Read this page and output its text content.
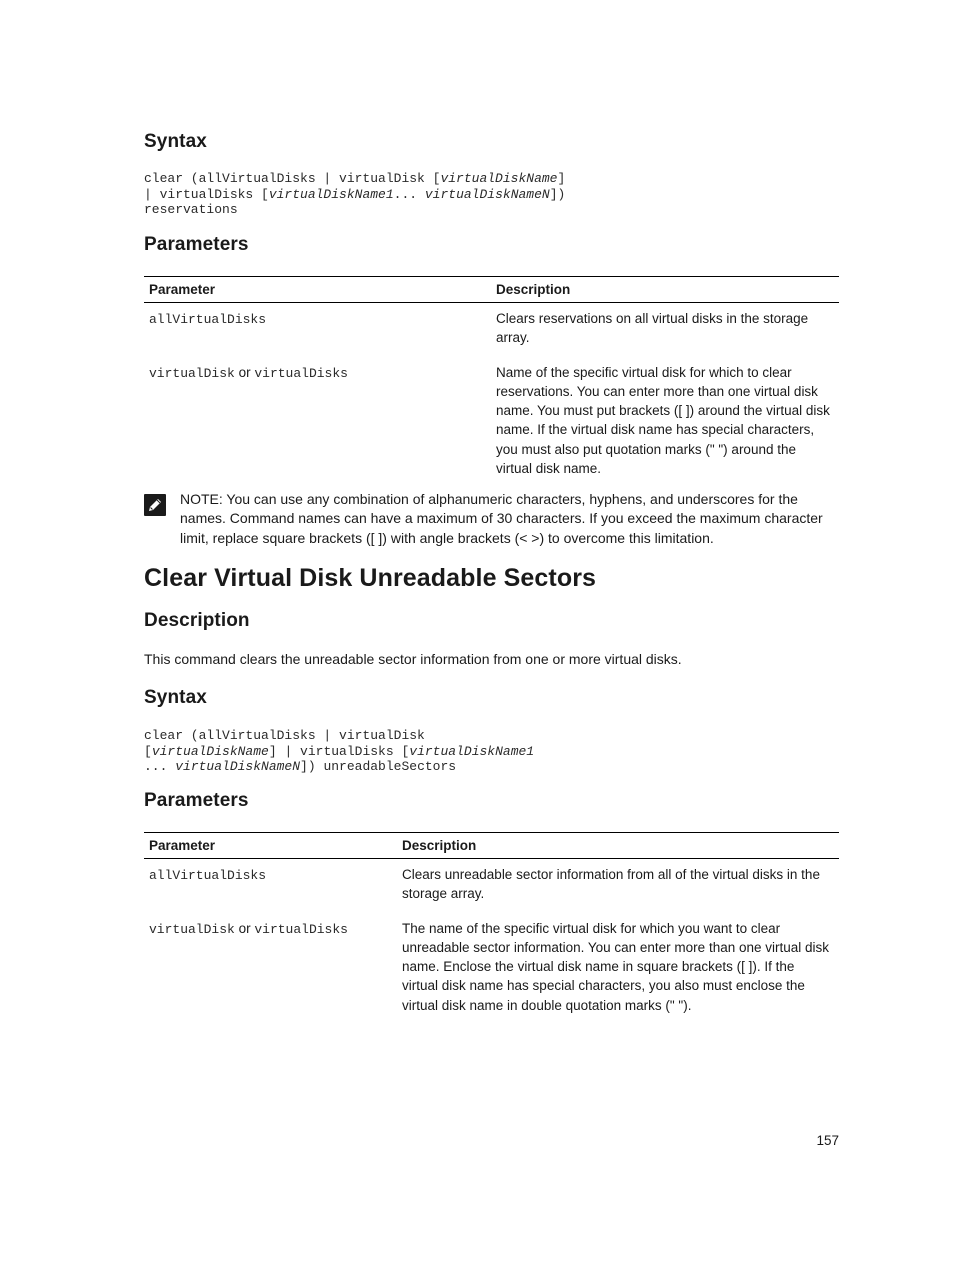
Syntax
clear (allVirtualDisks | virtualDisk [virtualDiskName]
| virtualDisks [virtualDiskName1... virtualDiskNameN])
reservations
Parameters
Parameter	Description
allVirtualDisks	Clears reservations on all virtual disks in the storage array.
virtualDisk or virtualDisks	Name of the specific virtual disk for which to clear reservations. You can enter more than one virtual disk name. You must put brackets ([ ]) around the virtual disk name. If the virtual disk name has special characters, you must also put quotation marks (" ") around the virtual disk name.

NOTE: You can use any combination of alphanumeric characters, hyphens, and underscores for the names. Command names can have a maximum of 30 characters. If you exceed the maximum character limit, replace square brackets ([ ]) with angle brackets (< >) to overcome this limitation.

Clear Virtual Disk Unreadable Sectors
Description

This command clears the unreadable sector information from one or more virtual disks.

Syntax
clear (allVirtualDisks | virtualDisk
[virtualDiskName] | virtualDisks [virtualDiskName1
... virtualDiskNameN]) unreadableSectors
Parameters
Parameter	Description
allVirtualDisks	Clears unreadable sector information from all of the virtual disks in the storage array.
virtualDisk or virtualDisks	The name of the specific virtual disk for which you want to clear unreadable sector information. You can enter more than one virtual disk name. Enclose the virtual disk name in square brackets ([ ]). If the virtual disk name has special characters, you also must enclose the virtual disk name in double quotation marks (" ").
157
